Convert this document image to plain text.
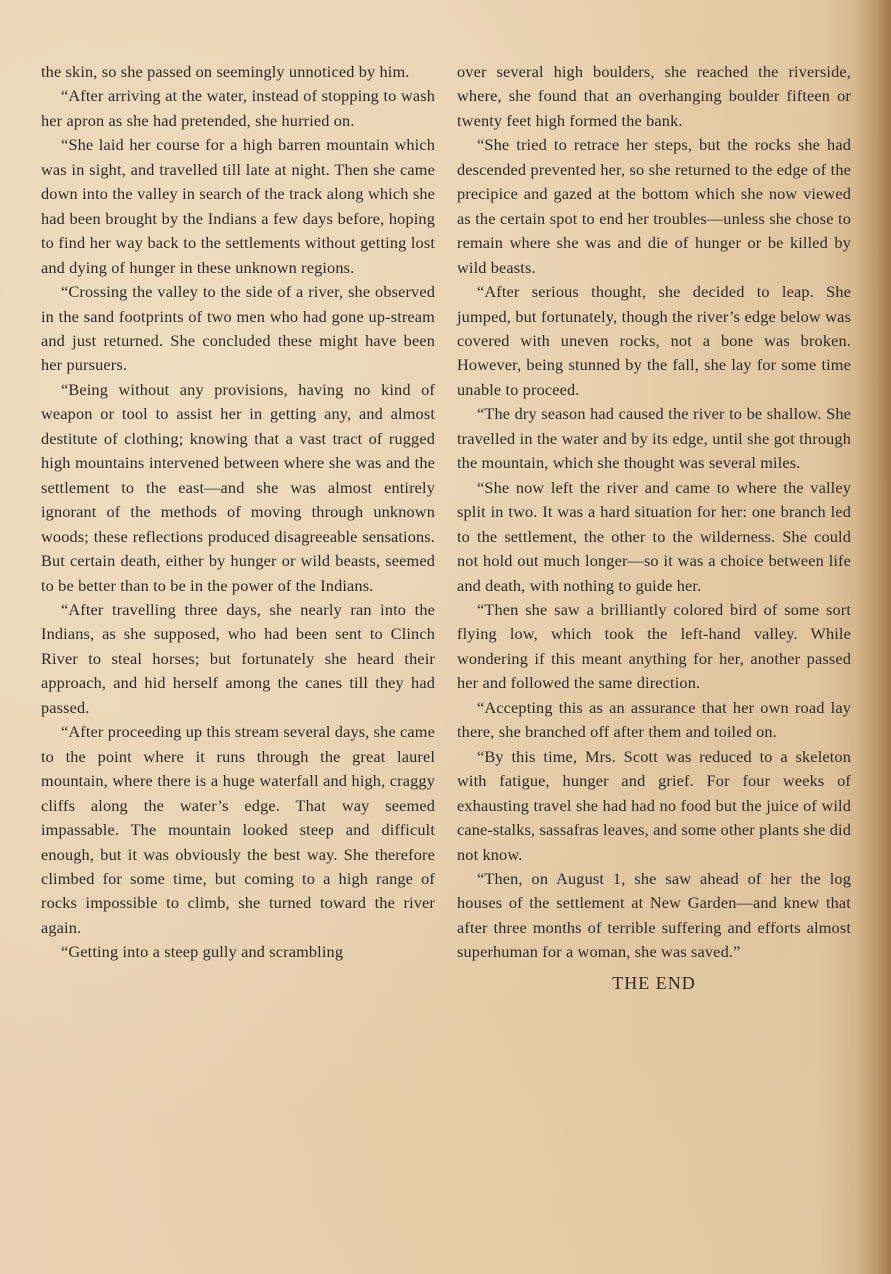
the skin, so she passed on seemingly unnoticed by him.

“After arriving at the water, instead of stopping to wash her apron as she had pretended, she hurried on.

“She laid her course for a high barren mountain which was in sight, and travelled till late at night. Then she came down into the valley in search of the track along which she had been brought by the Indians a few days before, hoping to find her way back to the settlements without getting lost and dying of hunger in these unknown regions.

“Crossing the valley to the side of a river, she observed in the sand footprints of two men who had gone up-stream and just returned. She concluded these might have been her pursuers.

“Being without any provisions, having no kind of weapon or tool to assist her in getting any, and almost destitute of clothing; knowing that a vast tract of rugged high mountains intervened between where she was and the settlement to the east—and she was almost entirely ignorant of the methods of moving through unknown woods; these reflections produced disagreeable sensations. But certain death, either by hunger or wild beasts, seemed to be better than to be in the power of the Indians.

“After travelling three days, she nearly ran into the Indians, as she supposed, who had been sent to Clinch River to steal horses; but fortunately she heard their approach, and hid herself among the canes till they had passed.

“After proceeding up this stream several days, she came to the point where it runs through the great laurel mountain, where there is a huge waterfall and high, craggy cliffs along the water’s edge. That way seemed impassable. The mountain looked steep and difficult enough, but it was obviously the best way. She therefore climbed for some time, but coming to a high range of rocks impossible to climb, she turned toward the river again.

“Getting into a steep gully and scrambling

over several high boulders, she reached the riverside, where, she found that an overhanging boulder fifteen or twenty feet high formed the bank.

“She tried to retrace her steps, but the rocks she had descended prevented her, so she returned to the edge of the precipice and gazed at the bottom which she now viewed as the certain spot to end her troubles—unless she chose to remain where she was and die of hunger or be killed by wild beasts.

“After serious thought, she decided to leap. She jumped, but fortunately, though the river’s edge below was covered with uneven rocks, not a bone was broken. However, being stunned by the fall, she lay for some time unable to proceed.

“The dry season had caused the river to be shallow. She travelled in the water and by its edge, until she got through the mountain, which she thought was several miles.

“She now left the river and came to where the valley split in two. It was a hard situation for her: one branch led to the settlement, the other to the wilderness. She could not hold out much longer—so it was a choice between life and death, with nothing to guide her.

“Then she saw a brilliantly colored bird of some sort flying low, which took the left-hand valley. While wondering if this meant anything for her, another passed her and followed the same direction.

“Accepting this as an assurance that her own road lay there, she branched off after them and toiled on.

“By this time, Mrs. Scott was reduced to a skeleton with fatigue, hunger and grief. For four weeks of exhausting travel she had had no food but the juice of wild cane-stalks, sassafras leaves, and some other plants she did not know.

“Then, on August 1, she saw ahead of her the log houses of the settlement at New Garden—and knew that after three months of terrible suffering and efforts almost superhuman for a woman, she was saved.”

THE END
